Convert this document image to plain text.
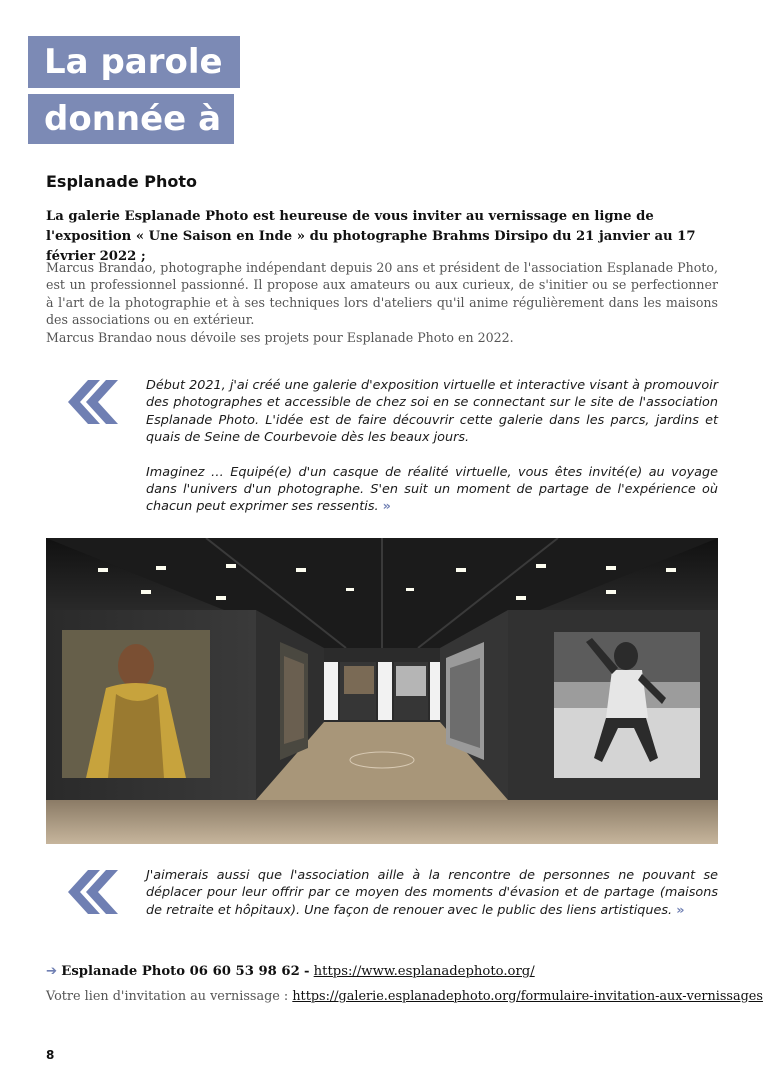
La parole
donnée à
Esplanade Photo
La galerie Esplanade Photo est heureuse de vous inviter au vernissage en ligne de l'exposition « Une Saison en Inde » du photographe Brahms Dirsipo du 21 janvier au 17 février 2022 ;

Marcus Brandao, photographe indépendant depuis 20 ans et président de l'association Esplanade Photo, est un professionnel passionné. Il propose aux amateurs ou aux curieux, de s'initier ou se perfectionner à l'art de la photographie et à ses techniques lors d'ateliers qu'il anime régulièrement dans les maisons des associations ou en extérieur.

Marcus Brandao nous dévoile ses projets pour Esplanade Photo en 2022.

Début 2021, j'ai créé une galerie d'exposition virtuelle et interactive visant à promouvoir des photographes et accessible de chez soi en se connectant sur le site de l'association Esplanade Photo. L'idée est de faire découvrir cette galerie dans les parcs, jardins et quais de Seine de Courbevoie dès les beaux jours.

Imaginez … Equipé(e) d'un casque de réalité virtuelle, vous êtes invité(e) au voyage dans l'univers d'un photographe. S'en suit un moment de partage de l'expérience où chacun peut exprimer ses ressentis. »

J'aimerais aussi que l'association aille à la rencontre de personnes ne pouvant se déplacer pour leur offrir par ce moyen des moments d'évasion et de partage (maisons de retraite et hôpitaux). Une façon de renouer avec le public des liens artistiques. »

➔ Esplanade Photo 06 60 53 98 62 - https://www.esplanadephoto.org/
Votre lien d'invitation au vernissage : https://galerie.esplanadephoto.org/formulaire-invitation-aux-vernissages
8
